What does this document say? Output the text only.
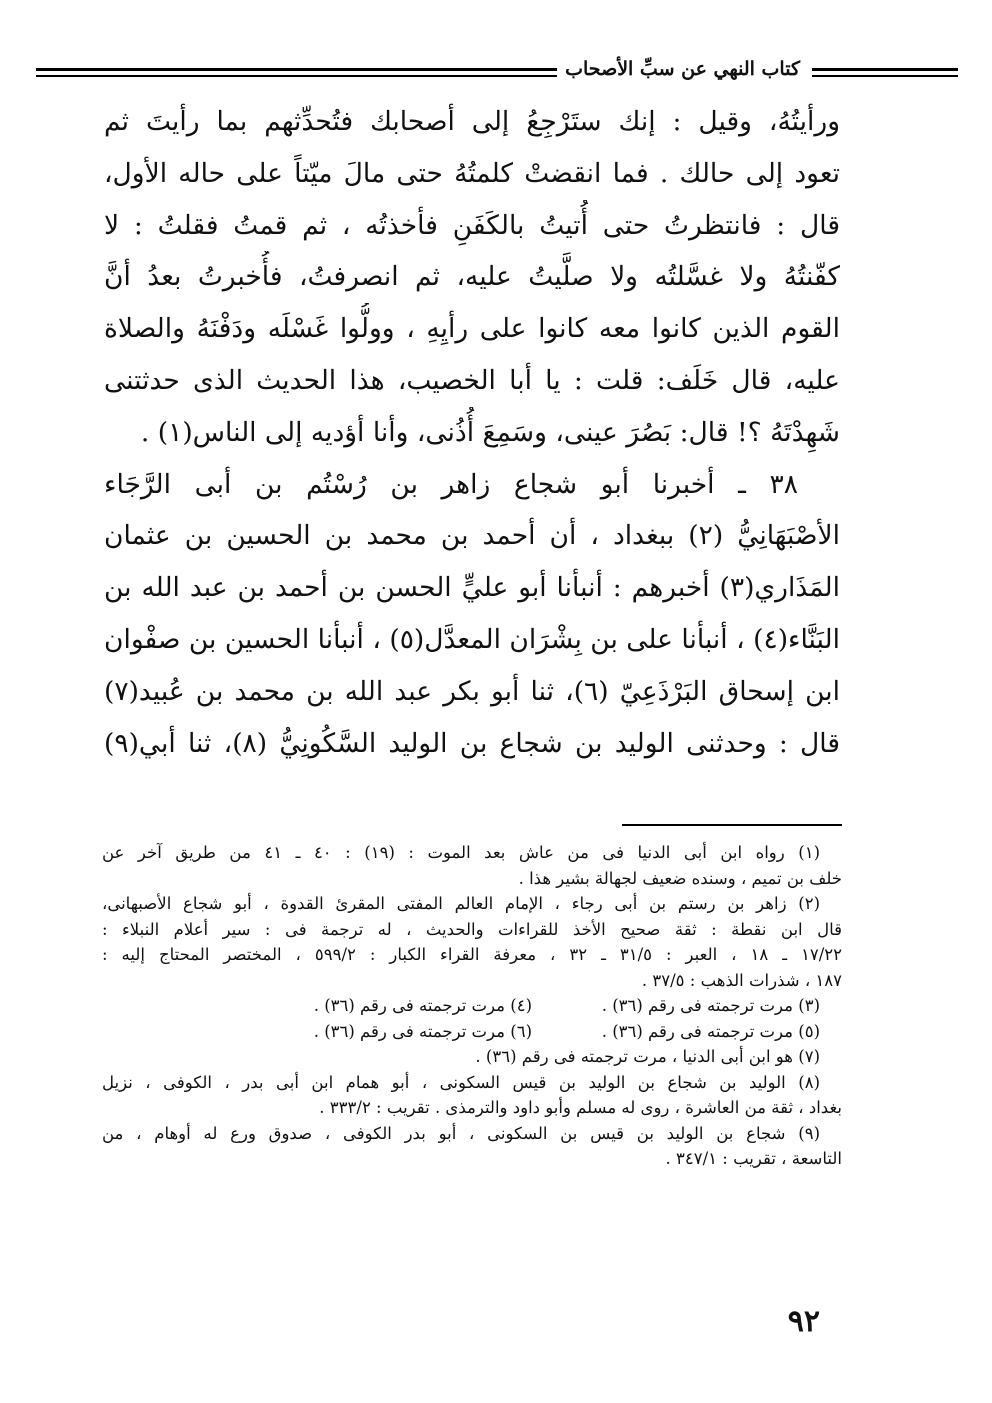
كتاب النهي عن سبِّ الأصحاب
ورأيتُهُ، وقيل : إنك ستَرْجِعُ إلى أصحابك فتُحدِّثهم بما رأيتَ ثم
تعود إلى حالك . فما انقضتْ كلمتُهُ حتى مالَ ميّتاً على حاله الأول،
قال : فانتظرتُ حتى أُتيتُ بالكَفَنِ فأخذتُه ، ثم قمتُ فقلتُ : لا
كفّنتُهُ ولا غسَّلتُه ولا صلَّيتُ عليه، ثم انصرفتُ، فأُخبرتُ بعدُ أنَّ
القوم الذين كانوا معه كانوا على رأيِهِ ، وولُّوا غَسْلَه ودَفْنَهُ والصلاة
عليه، قال خَلَف: قلت : يا أبا الخصيب، هذا الحديث الذى حدثتنى
شَهِدْتَهُ ؟! قال: بَصُرَ عينى، وسَمِعَ أُذُنى، وأنا أؤديه إلى الناس(١) .
٣٨ ـ أخبرنا أبو شجاع زاهر بن رُسْتُم بن أبى الرَّجَاء
الأصْبَهَانِيُّ (٢) ببغداد ، أن أحمد بن محمد بن الحسين بن عثمان
المَذَاري(٣) أخبرهم : أنبأنا أبو عليٍّ الحسن بن أحمد بن عبد الله بن
البَنَّاء(٤) ، أنبأنا على بن بِشْرَان المعدَّل(٥) ، أنبأنا الحسين بن صفْوان
ابن إسحاق البَرْذَعِيّ (٦)، ثنا أبو بكر عبد الله بن محمد بن عُبيد(٧)
قال : وحدثنى الوليد بن شجاع بن الوليد السَّكُونِيُّ (٨)، ثنا أبي(٩)
(١) رواه ابن أبى الدنيا فى من عاش بعد الموت : (١٩) : ٤٠ ـ ٤١ من طريق آخر عن
خلف بن تميم ، وسنده ضعيف لجهالة بشير هذا .
(٢) زاهر بن رستم بن أبى رجاء ، الإمام العالم المفتى المقرئ القدوة ، أبو شجاع الأصبهانى،
قال ابن نقطة : ثقة صحيح الأخذ للقراءات والحديث ، له ترجمة فى : سير أعلام النبلاء :
١٧/٢٢ ـ ١٨ ، العبر : ٣١/٥ ـ ٣٢ ، معرفة القراء الكبار : ٥٩٩/٢ ، المختصر المحتاج إليه :
١٨٧ ، شذرات الذهب : ٣٧/٥ .
(٣) مرت ترجمته فى رقم (٣٦) .
(٤) مرت ترجمته فى رقم (٣٦) .
(٥) مرت ترجمته فى رقم (٣٦) .
(٦) مرت ترجمته فى رقم (٣٦) .
(٧) هو ابن أبى الدنيا ، مرت ترجمته فى رقم (٣٦) .
(٨) الوليد بن شجاع بن الوليد بن قيس السكونى ، أبو همام ابن أبى بدر ، الكوفى ، نزيل
بغداد ، ثقة من العاشرة ، روى له مسلم وأبو داود والترمذى . تقريب : ٣٣٣/٢ .
(٩) شجاع بن الوليد بن قيس بن السكونى ، أبو بدر الكوفى ، صدوق ورع له أوهام ، من
التاسعة ، تقريب : ٣٤٧/١ .
٩٢
